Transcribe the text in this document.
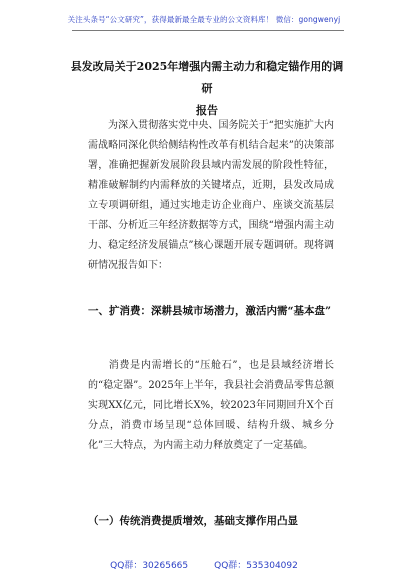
关注头条号“公文研究”，获得最新最全最专业的公文资料库！ 微信：gongwenyj
县发改局关于2025年增强内需主动力和稳定锚作用的调研
报告

为深入贯彻落实党中央、国务院关于“把实施扩大内需战略同深化供给侧结构性改革有机结合起来”的决策部署，准确把握新发展阶段县域内需发展的阶段性特征，精准破解制约内需释放的关键堵点，近期，县发改局成立专项调研组，通过实地走访企业商户、座谈交流基层干部、分析近三年经济数据等方式，围绕“增强内需主动力、稳定经济发展锚点”核心课题开展专题调研。现将调研情况报告如下：

一、扩消费：深耕县城市场潜力，激活内需“基本盘”

消费是内需增长的“压舱石”，也是县域经济增长的“稳定器”。2025年上半年，我县社会消费品零售总额实现XX亿元，同比增长X%，较2023年同期回升X个百分点，消费市场呈现“总体回暖、结构升级、城乡分化”三大特点，为内需主动力释放奠定了一定基础。

（一）传统消费提质增效，基础支撑作用凸显

QQ群：30265665	QQ群：535304092
